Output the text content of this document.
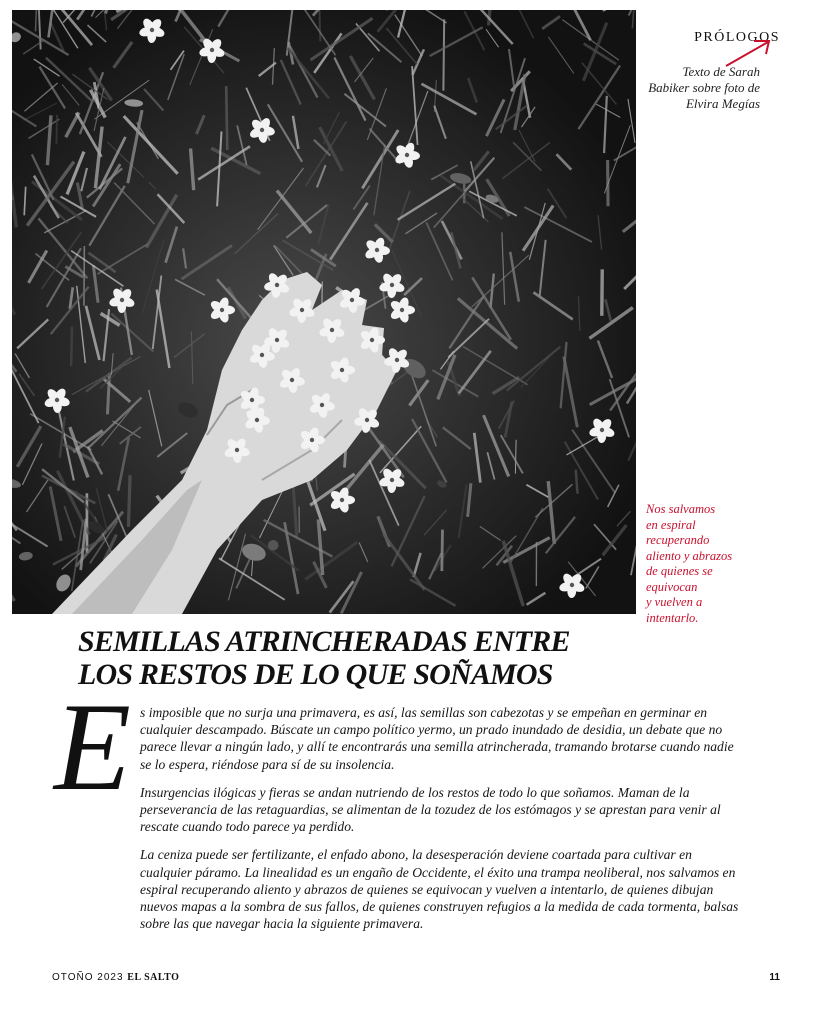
PRÓLOGOS
Texto de Sarah
Babiker sobre foto de
Elvira Megías
Nos salvamos
en espiral
recuperando
aliento y abrazos
de quienes se
equivocan
y vuelven a
intentarlo.
SEMILLAS ATRINCHERADAS ENTRE
LOS RESTOS DE LO QUE SOÑAMOS
E s imposible que no surja una primavera, es así, las semillas son cabezotas y se empeñan en germinar en cualquier descampado. Búscate un campo político yermo, un prado inundado de desidia, un debate que no parece llevar a ningún lado, y allí te encontrarás una semilla atrincherada, tramando brotarse cuando nadie se lo espera, riéndose para sí de su insolencia.

Insurgencias ilógicas y fieras se andan nutriendo de los restos de todo lo que soñamos. Maman de la perseverancia de las retaguardias, se alimentan de la tozudez de los estómagos y se aprestan para venir al rescate cuando todo parece ya perdido.

La ceniza puede ser fertilizante, el enfado abono, la desesperación deviene coartada para cultivar en cualquier páramo. La linealidad es un engaño de Occidente, el éxito una trampa neoliberal, nos salvamos en espiral recuperando aliento y abrazos de quienes se equivocan y vuelven a intentarlo, de quienes dibujan nuevos mapas a la sombra de sus fallos, de quienes construyen refugios a la medida de cada tormenta, balsas sobre las que navegar hacia la siguiente primavera.

OTOÑO 2023 EL SALTO	11
